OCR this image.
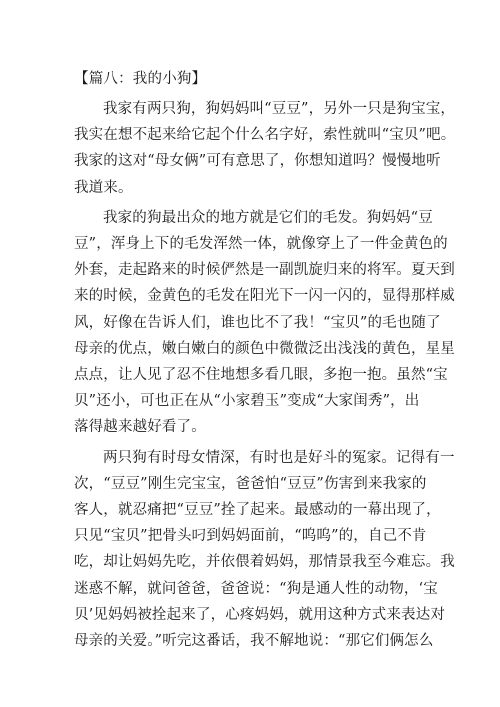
【篇八：我的小狗】
我家有两只狗，狗妈妈叫“豆豆”，另外一只是狗宝宝，
我实在想不起来给它起个什么名字好，索性就叫“宝贝”吧。
我家的这对“母女俩”可有意思了，你想知道吗？慢慢地听
我道来。
我家的狗最出众的地方就是它们的毛发。狗妈妈“豆
豆”，浑身上下的毛发浑然一体，就像穿上了一件金黄色的
外套，走起路来的时候俨然是一副凯旋归来的将军。夏天到
来的时候，金黄色的毛发在阳光下一闪一闪的，显得那样威
风，好像在告诉人们，谁也比不了我！“宝贝”的毛也随了
母亲的优点，嫩白嫩白的颜色中微微泛出浅浅的黄色，星星
点点，让人见了忍不住地想多看几眼，多抱一抱。虽然“宝
贝”还小，可也正在从“小家碧玉”变成“大家闺秀”，出
落得越来越好看了。
两只狗有时母女情深，有时也是好斗的冤家。记得有一
次，“豆豆”刚生完宝宝，爸爸怕“豆豆”伤害到来我家的
客人，就忍痛把“豆豆”拴了起来。最感动的一幕出现了，
只见“宝贝”把骨头叼到妈妈面前，“呜呜”的，自己不肯
吃，却让妈妈先吃，并依偎着妈妈，那情景我至今难忘。我
迷惑不解，就问爸爸，爸爸说：“狗是通人性的动物，‘宝
贝’见妈妈被拴起来了，心疼妈妈，就用这种方式来表达对
母亲的关爱。”听完这番话，我不解地说：“那它们俩怎么
